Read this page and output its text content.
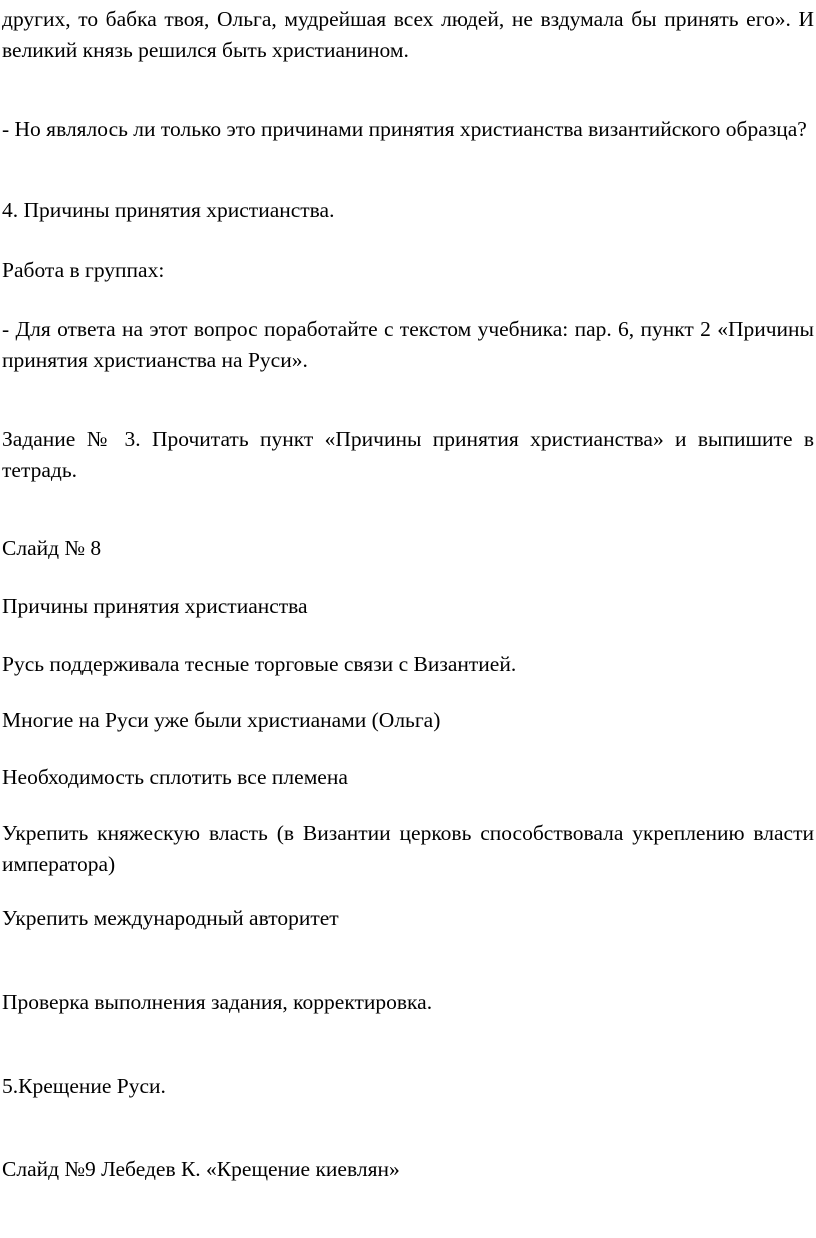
других, то бабка твоя, Ольга, мудрейшая всех людей, не вздумала бы принять его». И великий князь решился быть христианином.

- Но являлось ли только это причинами принятия христианства византийского образца?

4. Причины принятия христианства.

Работа в группах:

- Для ответа на этот вопрос поработайте с текстом учебника: пар. 6, пункт 2 «Причины принятия христианства на Руси».

Задание № 3. Прочитать пункт «Причины принятия христианства» и выпишите в тетрадь.

Слайд № 8

Причины принятия христианства

Русь поддерживала тесные торговые связи с Византией.

Многие на Руси уже были христианами (Ольга)

Необходимость сплотить все племена

Укрепить княжескую власть (в Византии церковь способствовала укреплению власти императора)

Укрепить международный авторитет

Проверка выполнения задания, корректировка.

5.Крещение Руси.

Слайд №9 Лебедев К. «Крещение киевлян»
